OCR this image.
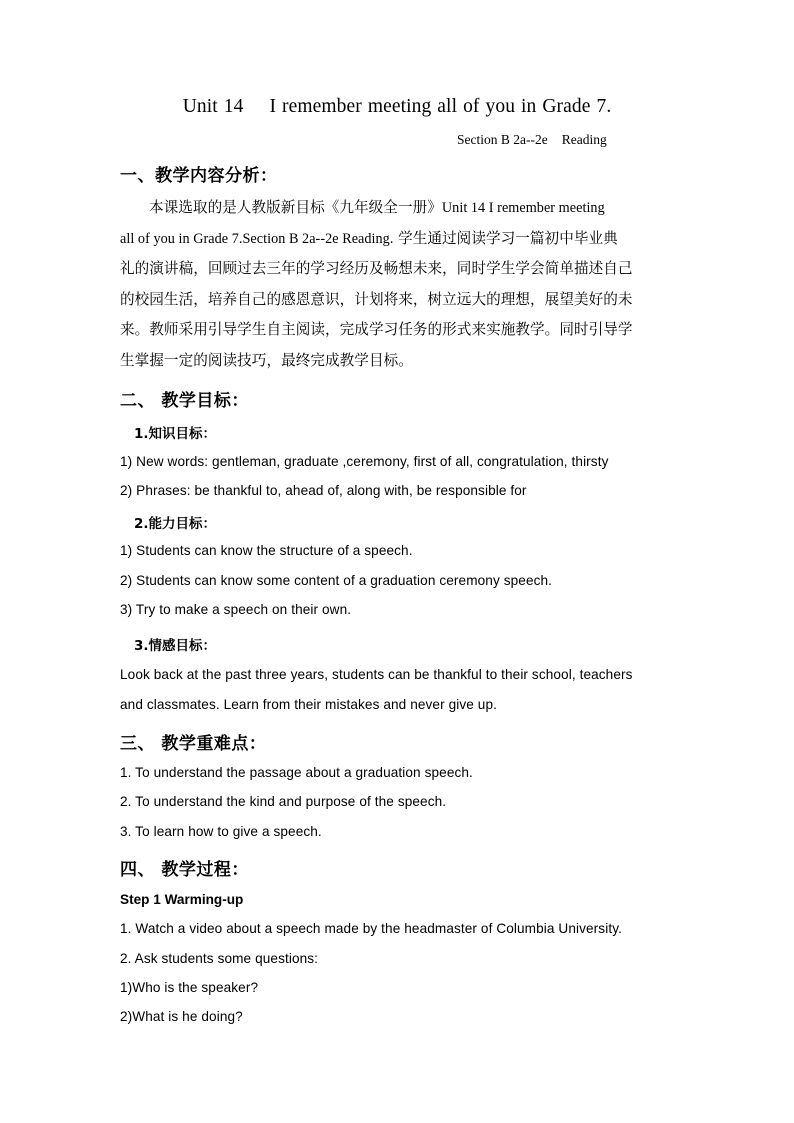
Unit 14 I remember meeting all of you in Grade 7.
Section B 2a--2e Reading
一、教学内容分析：
本课选取的是人教版新目标《九年级全一册》Unit 14 I remember meeting
all of you in Grade 7.Section B 2a--2e Reading. 学生通过阅读学习一篇初中毕业典
礼的演讲稿，回顾过去三年的学习经历及畅想未来，同时学生学会简单描述自己
的校园生活，培养自己的感恩意识，计划将来，树立远大的理想，展望美好的未
来。教师采用引导学生自主阅读，完成学习任务的形式来实施教学。同时引导学
生掌握一定的阅读技巧，最终完成教学目标。
二、 教学目标：
1.知识目标：
1) New words: gentleman, graduate ,ceremony, first of all, congratulation, thirsty
2) Phrases: be thankful to, ahead of, along with, be responsible for
2.能力目标：
1) Students can know the structure of a speech.
2) Students can know some content of a graduation ceremony speech.
3) Try to make a speech on their own.
3.情感目标：
Look back at the past three years, students can be thankful to their school, teachers
and classmates. Learn from their mistakes and never give up.
三、 教学重难点：
1. To understand the passage about a graduation speech.
2. To understand the kind and purpose of the speech.
3. To learn how to give a speech.
四、 教学过程：
Step 1 Warming-up
1. Watch a video about a speech made by the headmaster of Columbia University.
2. Ask students some questions:
1)Who is the speaker?
2)What is he doing?
